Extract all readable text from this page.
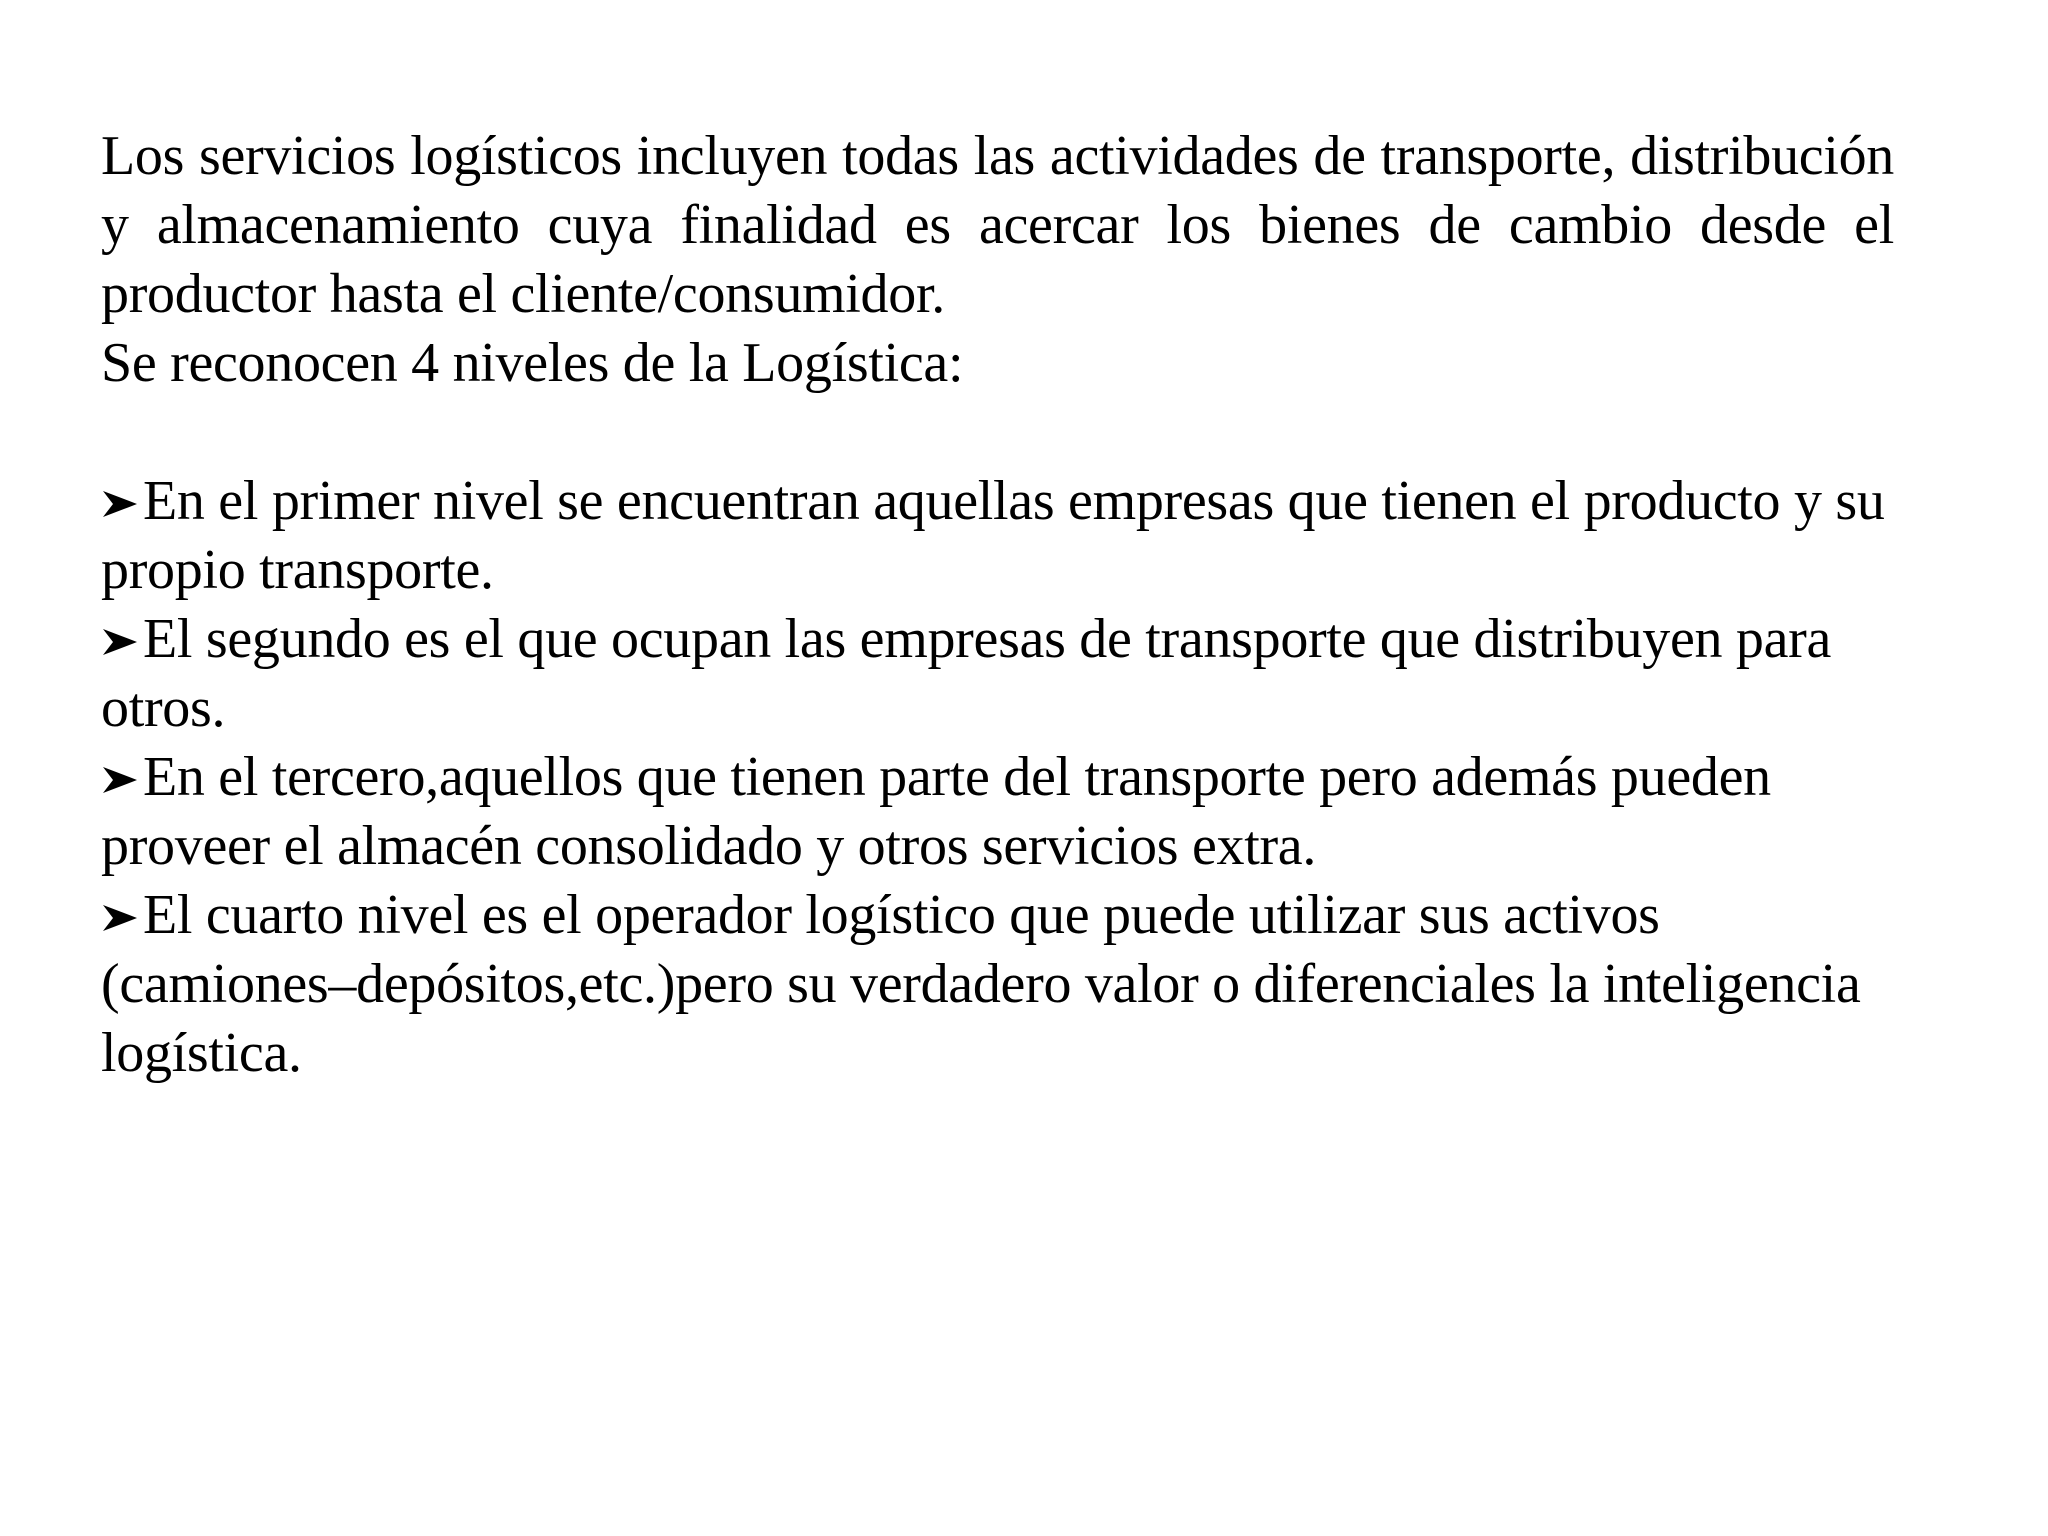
Los servicios logísticos incluyen todas las actividades de transporte, distribución y almacenamiento cuya finalidad es acercar los bienes de cambio desde el productor hasta el cliente/consumidor.

Se reconocen 4 niveles de la Logística:

En el primer nivel se encuentran aquellas empresas que tienen el producto y su propio transporte.
El segundo es el que ocupan las empresas de transporte que distribuyen para otros.
En el tercero,aquellos que tienen parte del transporte pero además pueden proveer el almacén consolidado y otros servicios extra.
El cuarto nivel es el operador logístico que puede utilizar sus activos (camiones–depósitos,etc.)pero su verdadero valor o diferenciales la inteligencia logística.
